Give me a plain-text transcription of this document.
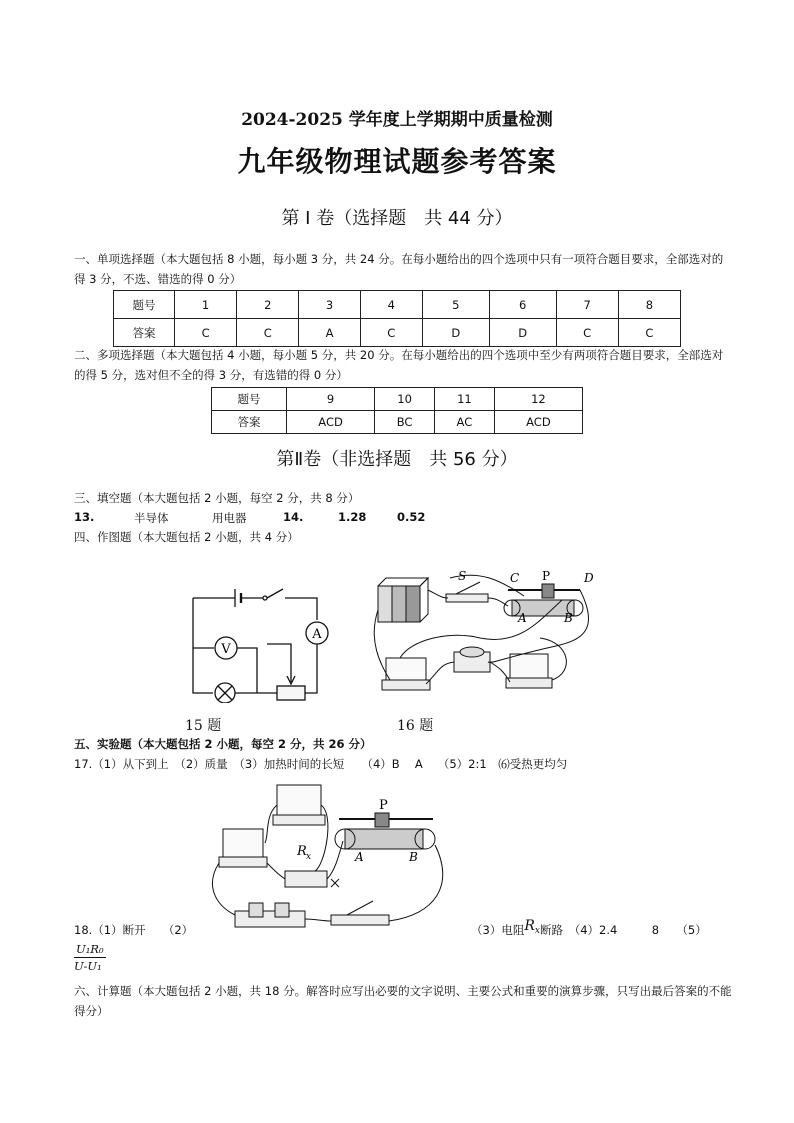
2024-2025 学年度上学期期中质量检测
九年级物理试题参考答案
第 I 卷（选择题　共 44 分）
一、单项选择题（本大题包括 8 小题，每小题 3 分，共 24 分。在每小题给出的四个选项中只有一项符合题目要求，全部选对的得 3 分，不选、错选的得 0 分）
题号	1	2	3	4	5	6	7	8
答案	C	C	A	C	D	D	C	C
二、多项选择题（本大题包括 4 小题，每小题 5 分，共 20 分。在每小题给出的四个选项中至少有两项符合题目要求，全部选对的得 5 分，选对但不全的得 3 分，有选错的得 0 分）
题号	9	10	11	12
答案	ACD	BC	AC	ACD
第Ⅱ卷（非选择题　共 56 分）
三、填空题（本大题包括 2 小题，每空 2 分，共 8 分）
13.	半导体	用电器	14.	1.28	0.52
四、作图题（本大题包括 2 小题，共 4 分）
A
V
15 题
S	C P	D
A	B
16 题
五、实验题（本大题包括 2 小题，每空 2 分，共 26 分）
17.（1）从下到上　（2）质量　（3）加热时间的长短　　（4）B　 A　 （5）2:1　⑹受热更均匀
P
A	B
R x
18.（1）断开　　（2）	（3）电阻Rx断路　（4）2.4　　　8　　（5）
$\frac{\text{U₁R₀}}{\text{U-U₁}}$
六、计算题（本大题包括 2 小题，共 18 分。解答时应写出必要的文字说明、主要公式和重要的演算步骤，只写出最后答案的不能得分）
